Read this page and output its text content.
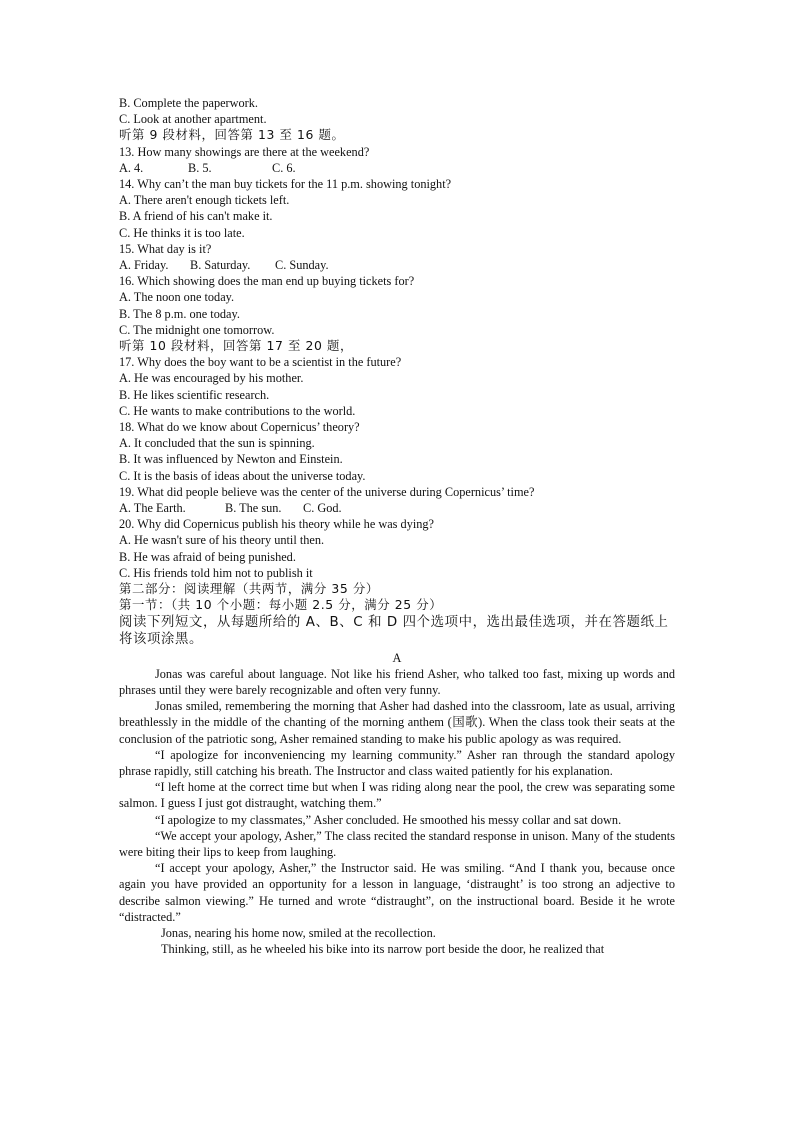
B. Complete the paperwork.
C. Look at another apartment.
听第 9 段材料，回答第 13 至 16 题。
13. How many showings are there at the weekend?
A. 4.	B. 5.	C. 6.
14. Why can’t the man buy tickets for the 11 p.m. showing tonight?
A. There aren't enough tickets left.
B. A friend of his can't make it.
C. He thinks it is too late.
15. What day is it?
A. Friday. B. Saturday. C. Sunday.
16. Which showing does the man end up buying tickets for?
A. The noon one today.
B. The 8 p.m. one today.
C. The midnight one tomorrow.
听第 10 段材料，回答第 17 至 20 题，
17. Why does the boy want to be a scientist in the future?
A. He was encouraged by his mother.
B. He likes scientific research.
C. He wants to make contributions to the world.
18. What do we know about Copernicus’ theory?
A. It concluded that the sun is spinning.
B. It was influenced by Newton and Einstein.
C. It is the basis of ideas about the universe today.
19. What did people believe was the center of the universe during Copernicus’ time?
A. The Earth.	B. The sun. C. God.
20. Why did Copernicus publish his theory while he was dying?
A. He wasn't sure of his theory until then.
B. He was afraid of being punished.
C. His friends told him not to publish it
第二部分：阅读理解（共两节，满分 35 分）
第一节：（共 10 个小题：每小题 2.5 分，满分 25 分）
阅读下列短文，从每题所给的 A、B、C 和 D 四个选项中，选出最佳选项，并在答题纸上将该项涂黑。
A
Jonas was careful about language. Not like his friend Asher, who talked too fast, mixing up words and phrases until they were barely recognizable and often very funny.
Jonas smiled, remembering the morning that Asher had dashed into the classroom, late as usual, arriving breathlessly in the middle of the chanting of the morning anthem (国歌). When the class took their seats at the conclusion of the patriotic song, Asher remained standing to make his public apology as was required.
“I apologize for inconveniencing my learning community.” Asher ran through the standard apology phrase rapidly, still catching his breath. The Instructor and class waited patiently for his explanation.
“I left home at the correct time but when I was riding along near the pool, the crew was separating some salmon. I guess I just got distraught, watching them.”
“I apologize to my classmates,” Asher concluded. He smoothed his messy collar and sat down.
“We accept your apology, Asher,” The class recited the standard response in unison. Many of the students were biting their lips to keep from laughing.
“I accept your apology, Asher,” the Instructor said. He was smiling. “And I thank you, because once again you have provided an opportunity for a lesson in language, ‘distraught’ is too strong an adjective to describe salmon viewing.” He turned and wrote “distraught”, on the instructional board. Beside it he wrote “distracted.”
Jonas, nearing his home now, smiled at the recollection.
Thinking, still, as he wheeled his bike into its narrow port beside the door, he realized that
